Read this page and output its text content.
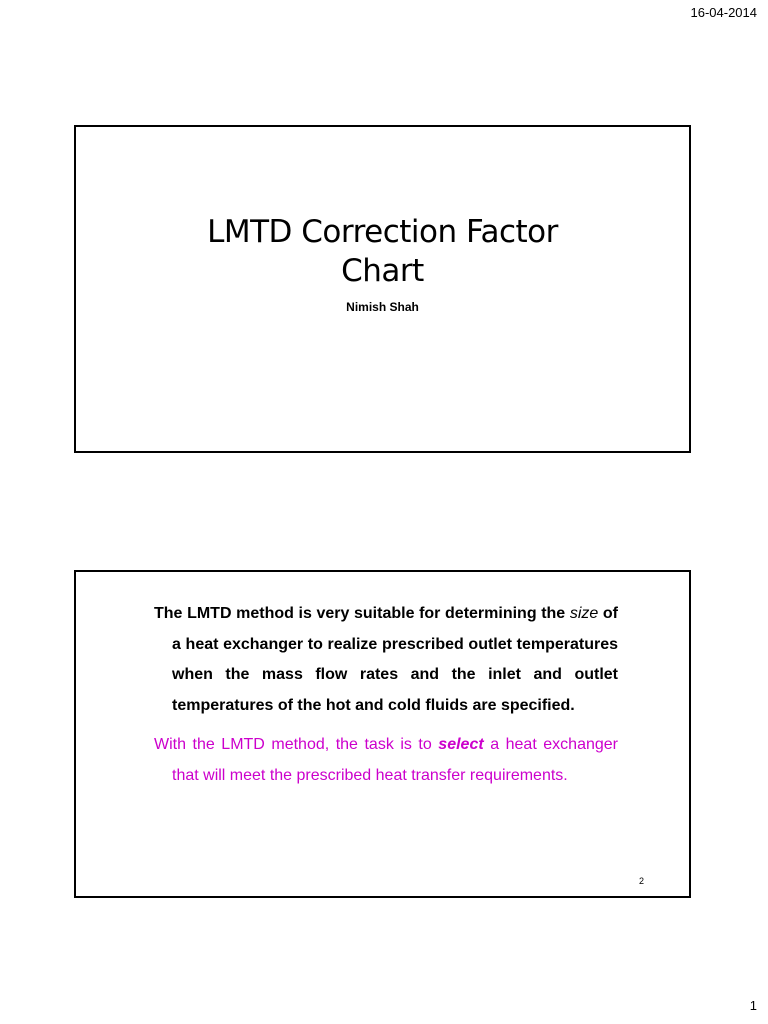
16-04-2014
LMTD Correction Factor
Chart
Nimish Shah

The LMTD method is very suitable for determining the size of a heat exchanger to realize prescribed outlet temperatures when the mass flow rates and the inlet and outlet temperatures of the hot and cold fluids are specified.

With the LMTD method, the task is to select a heat exchanger that will meet the prescribed heat transfer requirements.

2
1
